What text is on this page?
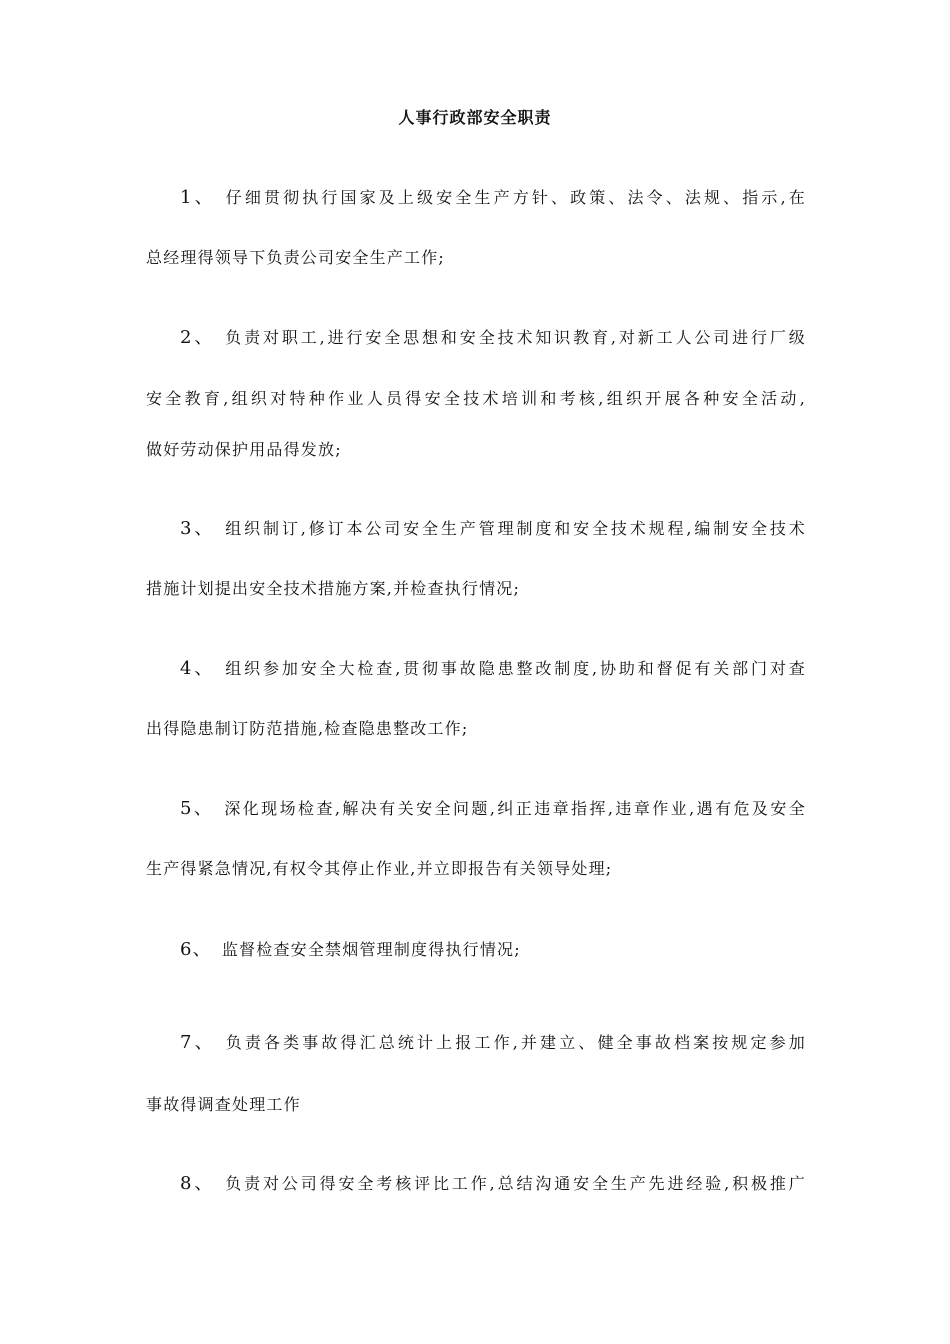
人事行政部安全职责
1、 仔细贯彻执行国家及上级安全生产方针、政策、法令、法规、指示,在
总经理得领导下负责公司安全生产工作;
2、 负责对职工,进行安全思想和安全技术知识教育,对新工人公司进行厂级
安全教育,组织对特种作业人员得安全技术培训和考核,组织开展各种安全活动,
做好劳动保护用品得发放;
3、 组织制订,修订本公司安全生产管理制度和安全技术规程,编制安全技术
措施计划提出安全技术措施方案,并检查执行情况;
4、 组织参加安全大检查,贯彻事故隐患整改制度,协助和督促有关部门对查
出得隐患制订防范措施,检查隐患整改工作;
5、 深化现场检查,解决有关安全问题,纠正违章指挥,违章作业,遇有危及安全
生产得紧急情况,有权令其停止作业,并立即报告有关领导处理;
6、 监督检查安全禁烟管理制度得执行情况;
7、 负责各类事故得汇总统计上报工作,并建立、健全事故档案按规定参加
事故得调查处理工作
8、 负责对公司得安全考核评比工作,总结沟通安全生产先进经验,积极推广
